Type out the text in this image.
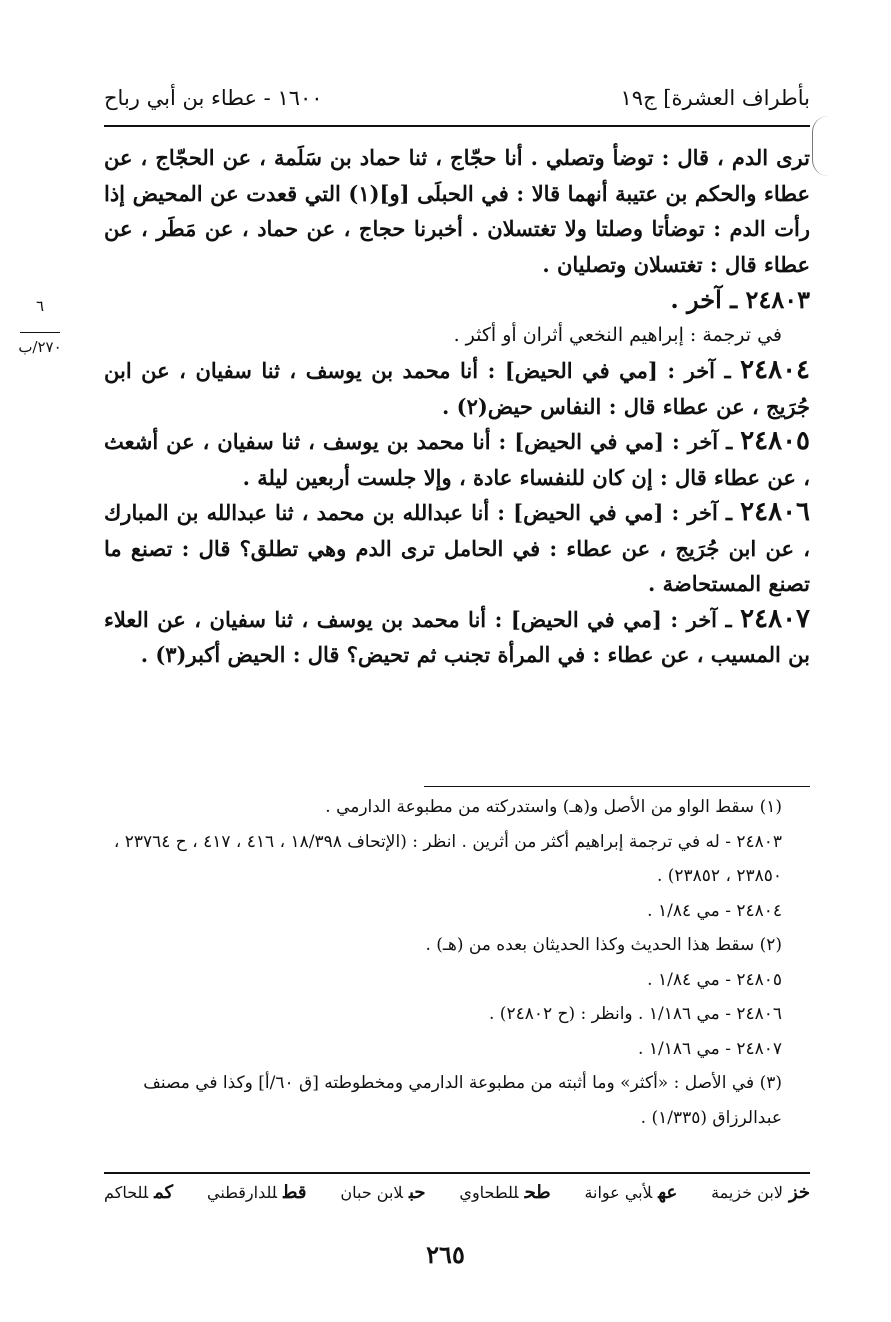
بأطراف العشرة] ج١٩
١٦٠٠ - عطاء بن أبي رباح
٦
٢٧٠/ب

ترى الدم ، قال : توضأ وتصلي . أنا حجّاج ، ثنا حماد بن سَلَمة ، عن الحجّاج ، عن عطاء والحكم بن عتيبة أنهما قالا : في الحبلَى [و](١) التي قعدت عن المحيض إذا رأت الدم : توضأتا وصلتا ولا تغتسلان . أخبرنا حجاج ، عن حماد ، عن مَطَر ، عن عطاء قال : تغتسلان وتصليان .

٢٤٨٠٣ ـ آخر .

في ترجمة : إبراهيم النخعي أثران أو أكثر .

٢٤٨٠٤ ـ آخر : [مي في الحيض] : أنا محمد بن يوسف ، ثنا سفيان ، عن ابن جُرَيج ، عن عطاء قال : النفاس حيض(٢) .

٢٤٨٠٥ ـ آخر : [مي في الحيض] : أنا محمد بن يوسف ، ثنا سفيان ، عن أشعث ، عن عطاء قال : إن كان للنفساء عادة ، وإلا جلست أربعين ليلة .

٢٤٨٠٦ ـ آخر : [مي في الحيض] : أنا عبدالله بن محمد ، ثنا عبدالله بن المبارك ، عن ابن جُرَيج ، عن عطاء : في الحامل ترى الدم وهي تطلق؟ قال : تصنع ما تصنع المستحاضة .

٢٤٨٠٧ ـ آخر : [مي في الحيض] : أنا محمد بن يوسف ، ثنا سفيان ، عن العلاء بن المسيب ، عن عطاء : في المرأة تجنب ثم تحيض؟ قال : الحيض أكبر(٣) .

(١) سقط الواو من الأصل و(هـ) واستدركته من مطبوعة الدارمي .

٢٤٨٠٣ - له في ترجمة إبراهيم أكثر من أثرين . انظر : (الإتحاف ١٨/٣٩٨ ، ٤١٦ ، ٤١٧ ، ح ٢٣٧٦٤ ، ٢٣٨٥٠ ، ٢٣٨٥٢) .

٢٤٨٠٤ - مي ١/٨٤ .

(٢) سقط هذا الحديث وكذا الحديثان بعده من (هـ) .

٢٤٨٠٥ - مي ١/٨٤ .

٢٤٨٠٦ - مي ١/١٨٦ . وانظر : (ح ٢٤٨٠٢) .

٢٤٨٠٧ - مي ١/١٨٦ .

(٣) في الأصل : «أكثر» وما أثبته من مطبوعة الدارمي ومخطوطته [ق ٦٠/أ] وكذا في مصنف عبدالرزاق (١/٣٣٥) .

خزلابن خزيمة
عهلأبي عوانة
طحللطحاوي
حبلابن حبان
قطللدارقطني
كمللحاكم
٢٦٥
